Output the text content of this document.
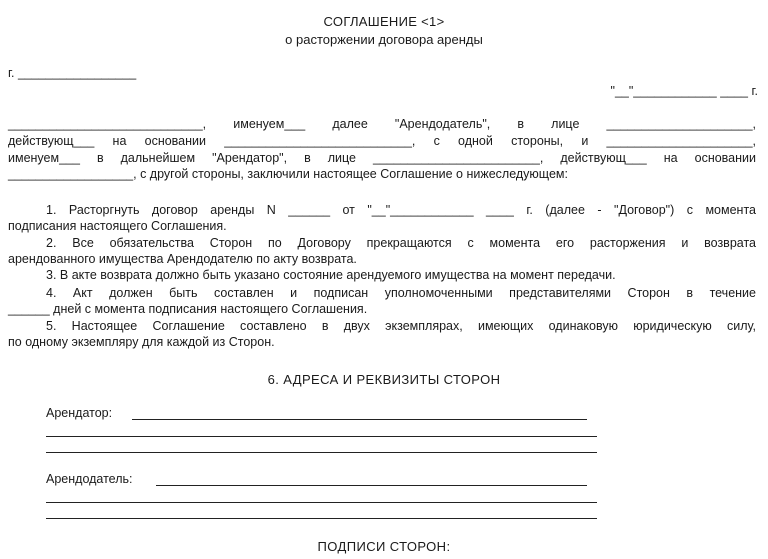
СОГЛАШЕНИЕ <1>
о расторжении договора аренды
г. _________________
"__"____________ ____ г.
____________________________, именуем___ далее "Арендодатель", в лице _____________________,
действующ___ на основании ___________________________, с одной стороны, и _____________________,
именуем___ в дальнейшем "Арендатор", в лице ________________________, действующ___ на основании
__________________, с другой стороны, заключили настоящее Соглашение о нижеследующем:
1. Расторгнуть договор аренды N ______ от "__"____________ ____ г. (далее - "Договор") с момента
подписания настоящего Соглашения.
2. Все обязательства Сторон по Договору прекращаются с момента его расторжения и возврата
арендованного имущества Арендодателю по акту возврата.
3. В акте возврата должно быть указано состояние арендуемого имущества на момент передачи.
4. Акт должен быть составлен и подписан уполномоченными представителями Сторон в течение
______ дней с момента подписания настоящего Соглашения.
5. Настоящее Соглашение составлено в двух экземплярах, имеющих одинаковую юридическую силу,
по одному экземпляру для каждой из Сторон.
6. АДРЕСА И РЕКВИЗИТЫ СТОРОН
Арендатор:
Арендодатель:
ПОДПИСИ СТОРОН:
